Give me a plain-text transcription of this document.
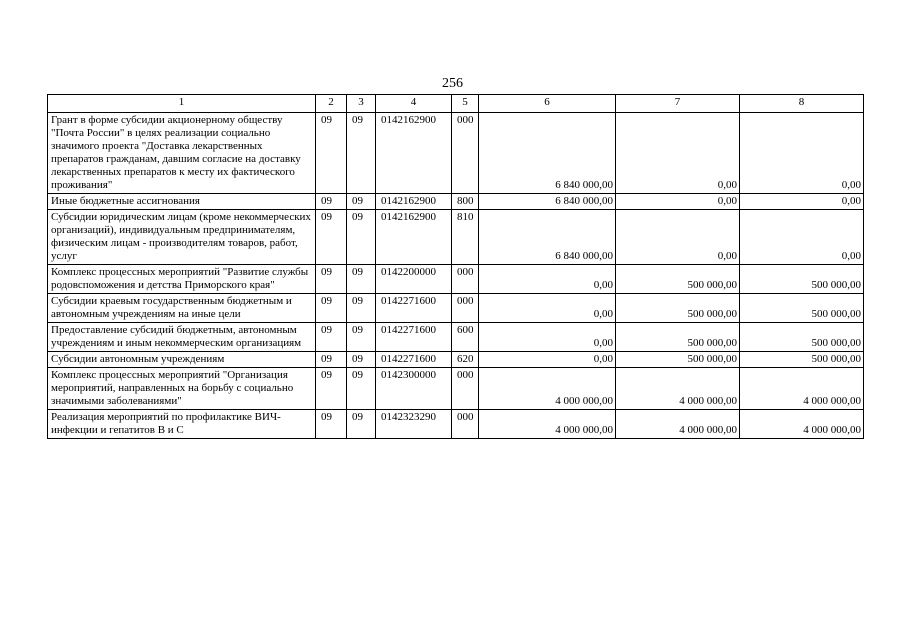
256
1	2	3	4	5	6	7	8
Грант в форме субсидии акционерному обществу "Почта России" в целях реализации социально значимого проекта "Доставка лекарственных препаратов гражданам, давшим согласие на доставку лекарственных препаратов к месту их фактического проживания"	09	09	0142162900	000	6 840 000,00	0,00	0,00
Иные бюджетные ассигнования	09	09	0142162900	800	6 840 000,00	0,00	0,00
Субсидии юридическим лицам (кроме некоммерческих организаций), индивидуальным предпринимателям, физическим лицам - производителям товаров, работ, услуг	09	09	0142162900	810	6 840 000,00	0,00	0,00
Комплекс процессных мероприятий "Развитие службы родовспоможения и детства Приморского края"	09	09	0142200000	000	0,00	500 000,00	500 000,00
Субсидии краевым государственным бюджетным и автономным учреждениям на иные цели	09	09	0142271600	000	0,00	500 000,00	500 000,00
Предоставление субсидий бюджетным, автономным учреждениям и иным некоммерческим организациям	09	09	0142271600	600	0,00	500 000,00	500 000,00
Субсидии автономным учреждениям	09	09	0142271600	620	0,00	500 000,00	500 000,00
Комплекс процессных мероприятий "Организация мероприятий, направленных на борьбу с социально значимыми заболеваниями"	09	09	0142300000	000	4 000 000,00	4 000 000,00	4 000 000,00
Реализация мероприятий по профилактике ВИЧ-инфекции и гепатитов В и С	09	09	0142323290	000	4 000 000,00	4 000 000,00	4 000 000,00
